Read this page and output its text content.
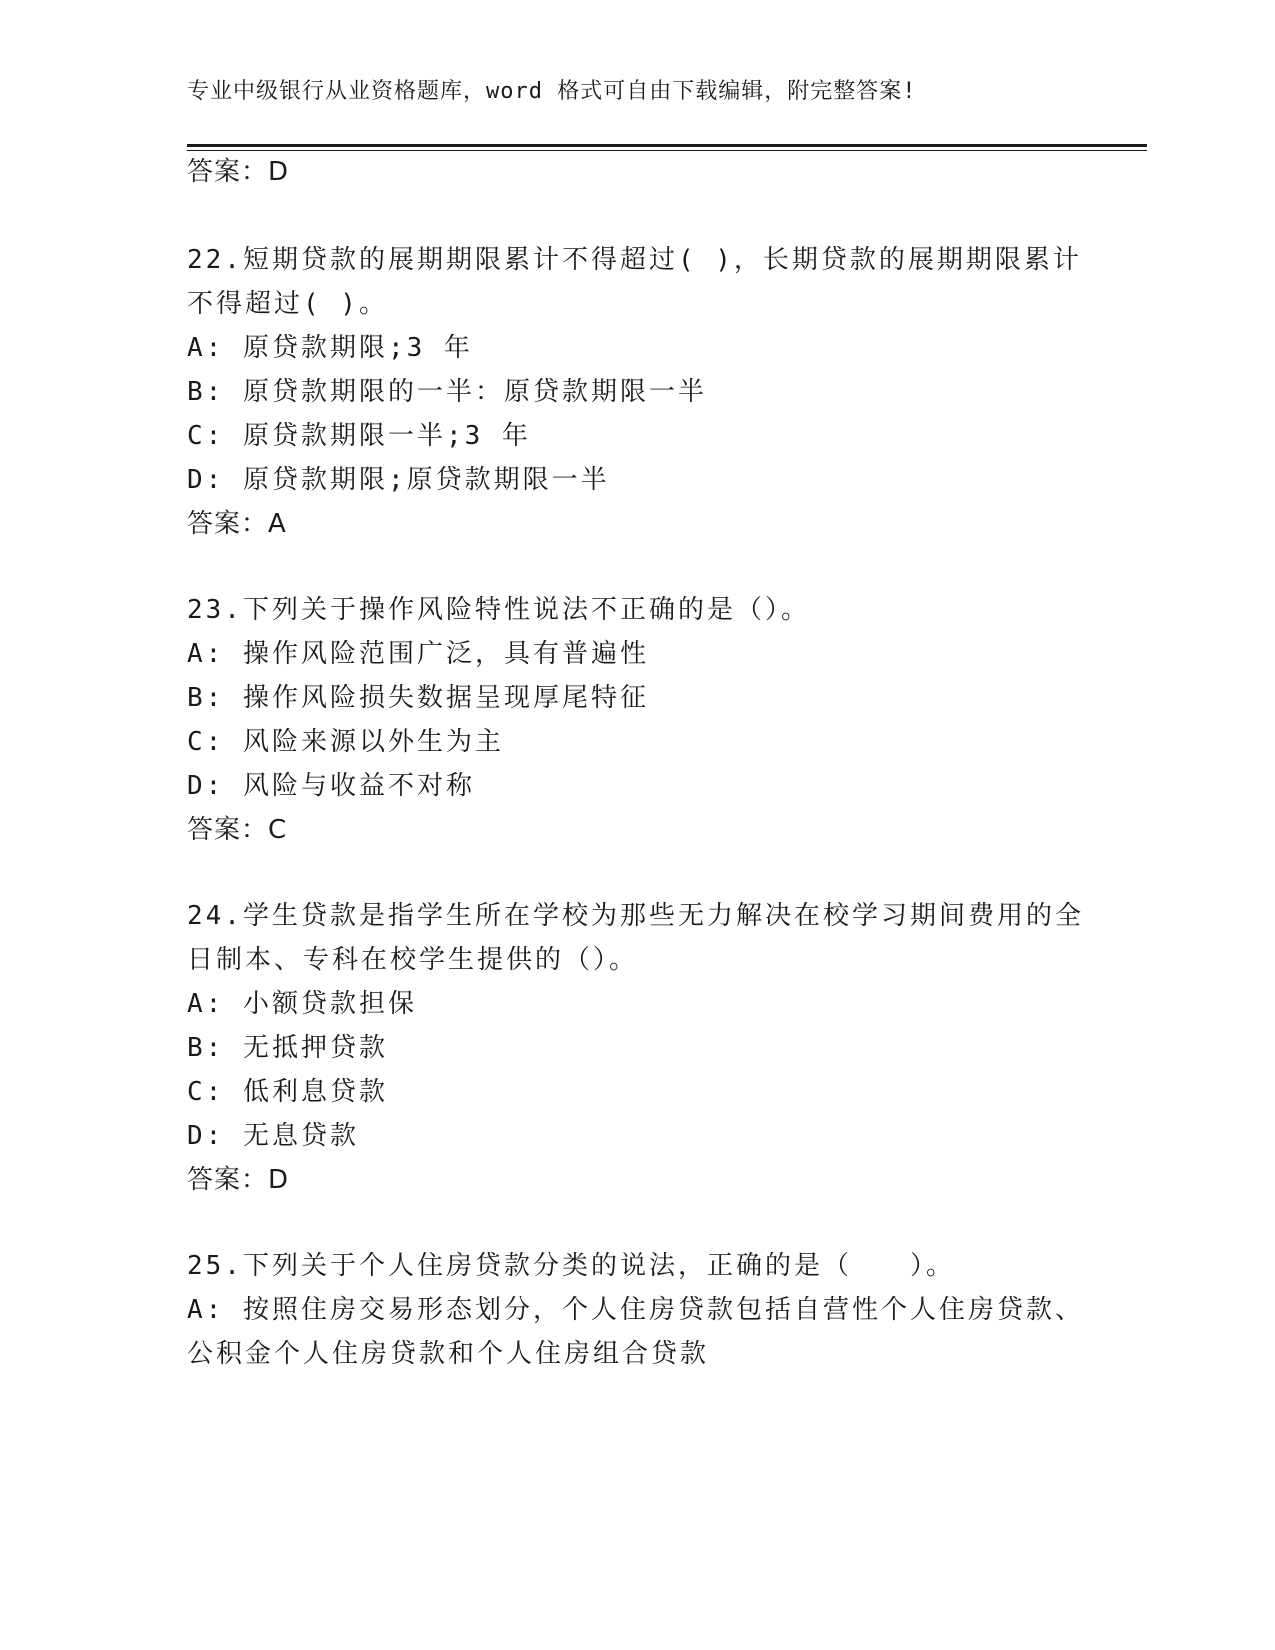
专业中级银行从业资格题库，word 格式可自由下载编辑，附完整答案!
答案：D
22.短期贷款的展期期限累计不得超过( )，长期贷款的展期期限累计
不得超过( )。
A: 原贷款期限;3 年
B: 原贷款期限的一半：原贷款期限一半
C: 原贷款期限一半;3 年
D: 原贷款期限;原贷款期限一半
答案：A
23.下列关于操作风险特性说法不正确的是（）。
A: 操作风险范围广泛，具有普遍性
B: 操作风险损失数据呈现厚尾特征
C: 风险来源以外生为主
D: 风险与收益不对称
答案：C
24.学生贷款是指学生所在学校为那些无力解决在校学习期间费用的全
日制本、专科在校学生提供的（）。
A: 小额贷款担保
B: 无抵押贷款
C: 低利息贷款
D: 无息贷款
答案：D
25.下列关于个人住房贷款分类的说法，正确的是（　　）。
A: 按照住房交易形态划分，个人住房贷款包括自营性个人住房贷款、
公积金个人住房贷款和个人住房组合贷款
